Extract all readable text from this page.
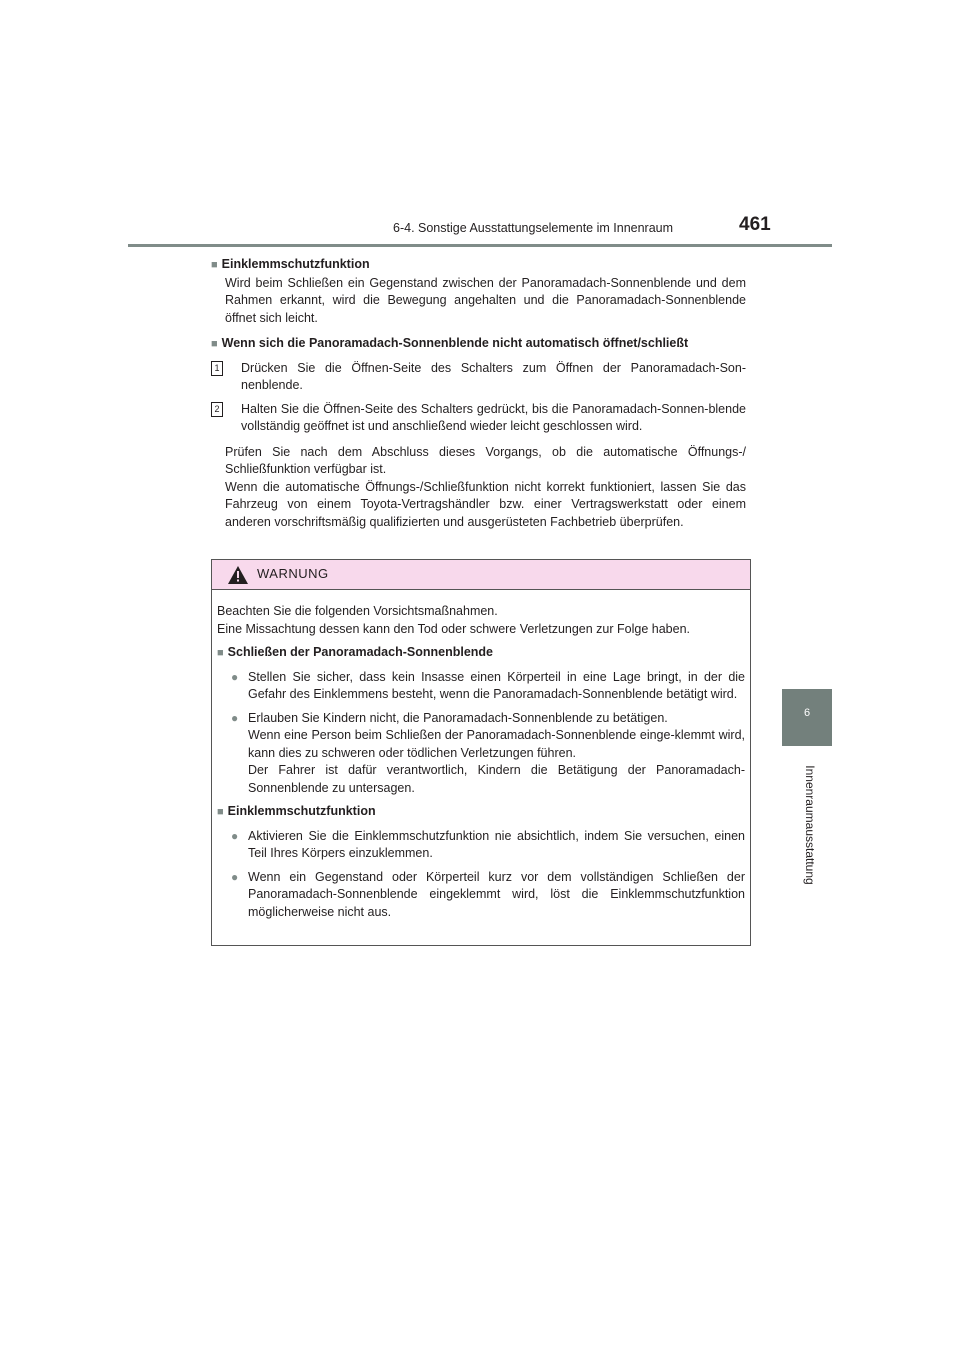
6-4. Sonstige Ausstattungselemente im Innenraum	461
6
Innenraumausstattung

■ Einklemmschutzfunktion

Wird beim Schließen ein Gegenstand zwischen der Panoramadach-Sonnenblende und dem Rahmen erkannt, wird die Bewegung angehalten und die Panoramadach-Sonnenblende öffnet sich leicht.

■ Wenn sich die Panoramadach-Sonnenblende nicht automatisch öffnet/schließt

1 Drücken Sie die Öffnen-Seite des Schalters zum Öffnen der Panoramadach-Son-nenblende.
2 Halten Sie die Öffnen-Seite des Schalters gedrückt, bis die Panoramadach-Sonnen-blende vollständig geöffnet ist und anschließend wieder leicht geschlossen wird.

Prüfen Sie nach dem Abschluss dieses Vorgangs, ob die automatische Öffnungs-/ Schließfunktion verfügbar ist.

Wenn die automatische Öffnungs-/Schließfunktion nicht korrekt funktioniert, lassen Sie das Fahrzeug von einem Toyota-Vertragshändler bzw. einer Vertragswerkstatt oder einem anderen vorschriftsmäßig qualifizierten und ausgerüsteten Fachbetrieb überprüfen.

WARNUNG

Beachten Sie die folgenden Vorsichtsmaßnahmen.

Eine Missachtung dessen kann den Tod oder schwere Verletzungen zur Folge haben.

■ Schließen der Panoramadach-Sonnenblende

● Stellen Sie sicher, dass kein Insasse einen Körperteil in eine Lage bringt, in der die Gefahr des Einklemmens besteht, wenn die Panoramadach-Sonnenblende betätigt wird.
● Erlauben Sie Kindern nicht, die Panoramadach-Sonnenblende zu betätigen.
Wenn eine Person beim Schließen der Panoramadach-Sonnenblende einge-klemmt wird, kann dies zu schweren oder tödlichen Verletzungen führen.
Der Fahrer ist dafür verantwortlich, Kindern die Betätigung der Panoramadach-Sonnenblende zu untersagen.

■ Einklemmschutzfunktion

● Aktivieren Sie die Einklemmschutzfunktion nie absichtlich, indem Sie versuchen, einen Teil Ihres Körpers einzuklemmen.
● Wenn ein Gegenstand oder Körperteil kurz vor dem vollständigen Schließen der Panoramadach-Sonnenblende eingeklemmt wird, löst die Einklemmschutzfunktion möglicherweise nicht aus.
